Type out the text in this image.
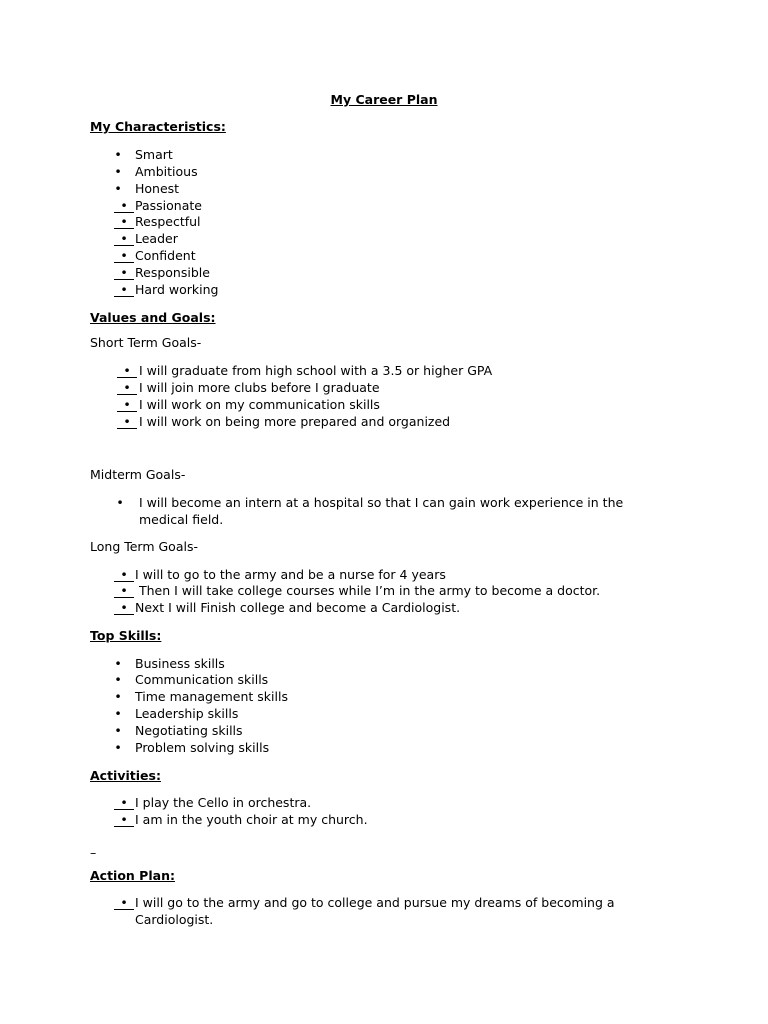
My Career Plan
My Characteristics:
•	Smart
•	Ambitious
•	Honest
• Passionate
• Respectful
• Leader
• Confident
• Responsible
• Hard working
Values and Goals:
Short Term Goals-
• I will graduate from high school with a 3.5 or higher GPA
• I will join more clubs before I graduate
• I will work on my communication skills
• I will work on being more prepared and organized
Midterm Goals-
•	I will become an intern at a hospital so that I can gain work experience in the
medical field.
Long Term Goals-
• I will to go to the army and be a nurse for 4 years
• Then I will take college courses while I’m in the army to become a doctor.
• Next I will Finish college and become a Cardiologist.
Top Skills:
•	Business skills
•	Communication skills
•	Time management skills
•	Leadership skills
•	Negotiating skills
•	Problem solving skills
Activities:
• I play the Cello in orchestra.
• I am in the youth choir at my church.
–
Action Plan:
• I will go to the army and go to college and pursue my dreams of becoming a
Cardiologist.
